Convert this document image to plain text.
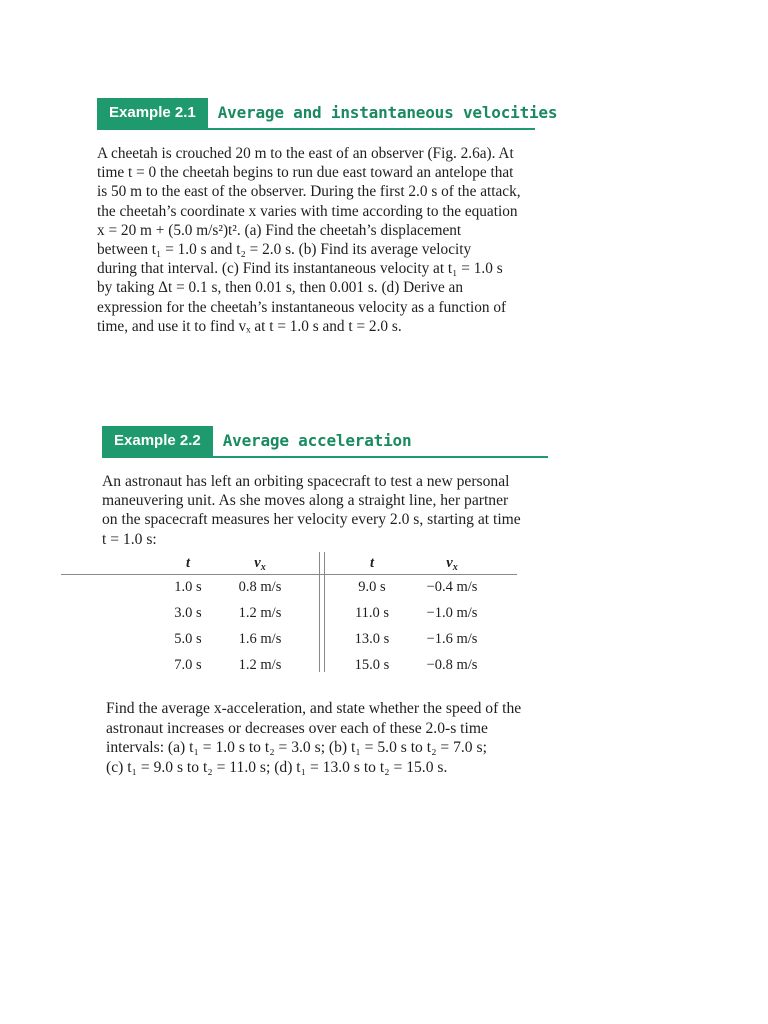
Example 2.1	Average and instantaneous velocities

A cheetah is crouched 20 m to the east of an observer (Fig. 2.6a). At
time t = 0 the cheetah begins to run due east toward an antelope that
is 50 m to the east of the observer. During the first 2.0 s of the attack,
the cheetah’s coordinate x varies with time according to the equation
x = 20 m + (5.0 m/s²)t². (a) Find the cheetah’s displacement
between t₁ = 1.0 s and t₂ = 2.0 s. (b) Find its average velocity
during that interval. (c) Find its instantaneous velocity at t₁ = 1.0 s
by taking Δt = 0.1 s, then 0.01 s, then 0.001 s. (d) Derive an
expression for the cheetah’s instantaneous velocity as a function of
time, and use it to find vₓ at t = 1.0 s and t = 2.0 s.

Example 2.2	Average acceleration

An astronaut has left an orbiting spacecraft to test a new personal
maneuvering unit. As she moves along a straight line, her partner
on the spacecraft measures her velocity every 2.0 s, starting at time
t = 1.0 s:

t	$v_x$	t	$v_x$
1.0 s	0.8 m/s	9.0 s	−0.4 m/s
3.0 s	1.2 m/s	11.0 s	−1.0 m/s
5.0 s	1.6 m/s	13.0 s	−1.6 m/s
7.0 s	1.2 m/s	15.0 s	−0.8 m/s

Find the average x-acceleration, and state whether the speed of the
astronaut increases or decreases over each of these 2.0-s time
intervals: (a) t₁ = 1.0 s to t₂ = 3.0 s; (b) t₁ = 5.0 s to t₂ = 7.0 s;
(c) t₁ = 9.0 s to t₂ = 11.0 s; (d) t₁ = 13.0 s to t₂ = 15.0 s.
